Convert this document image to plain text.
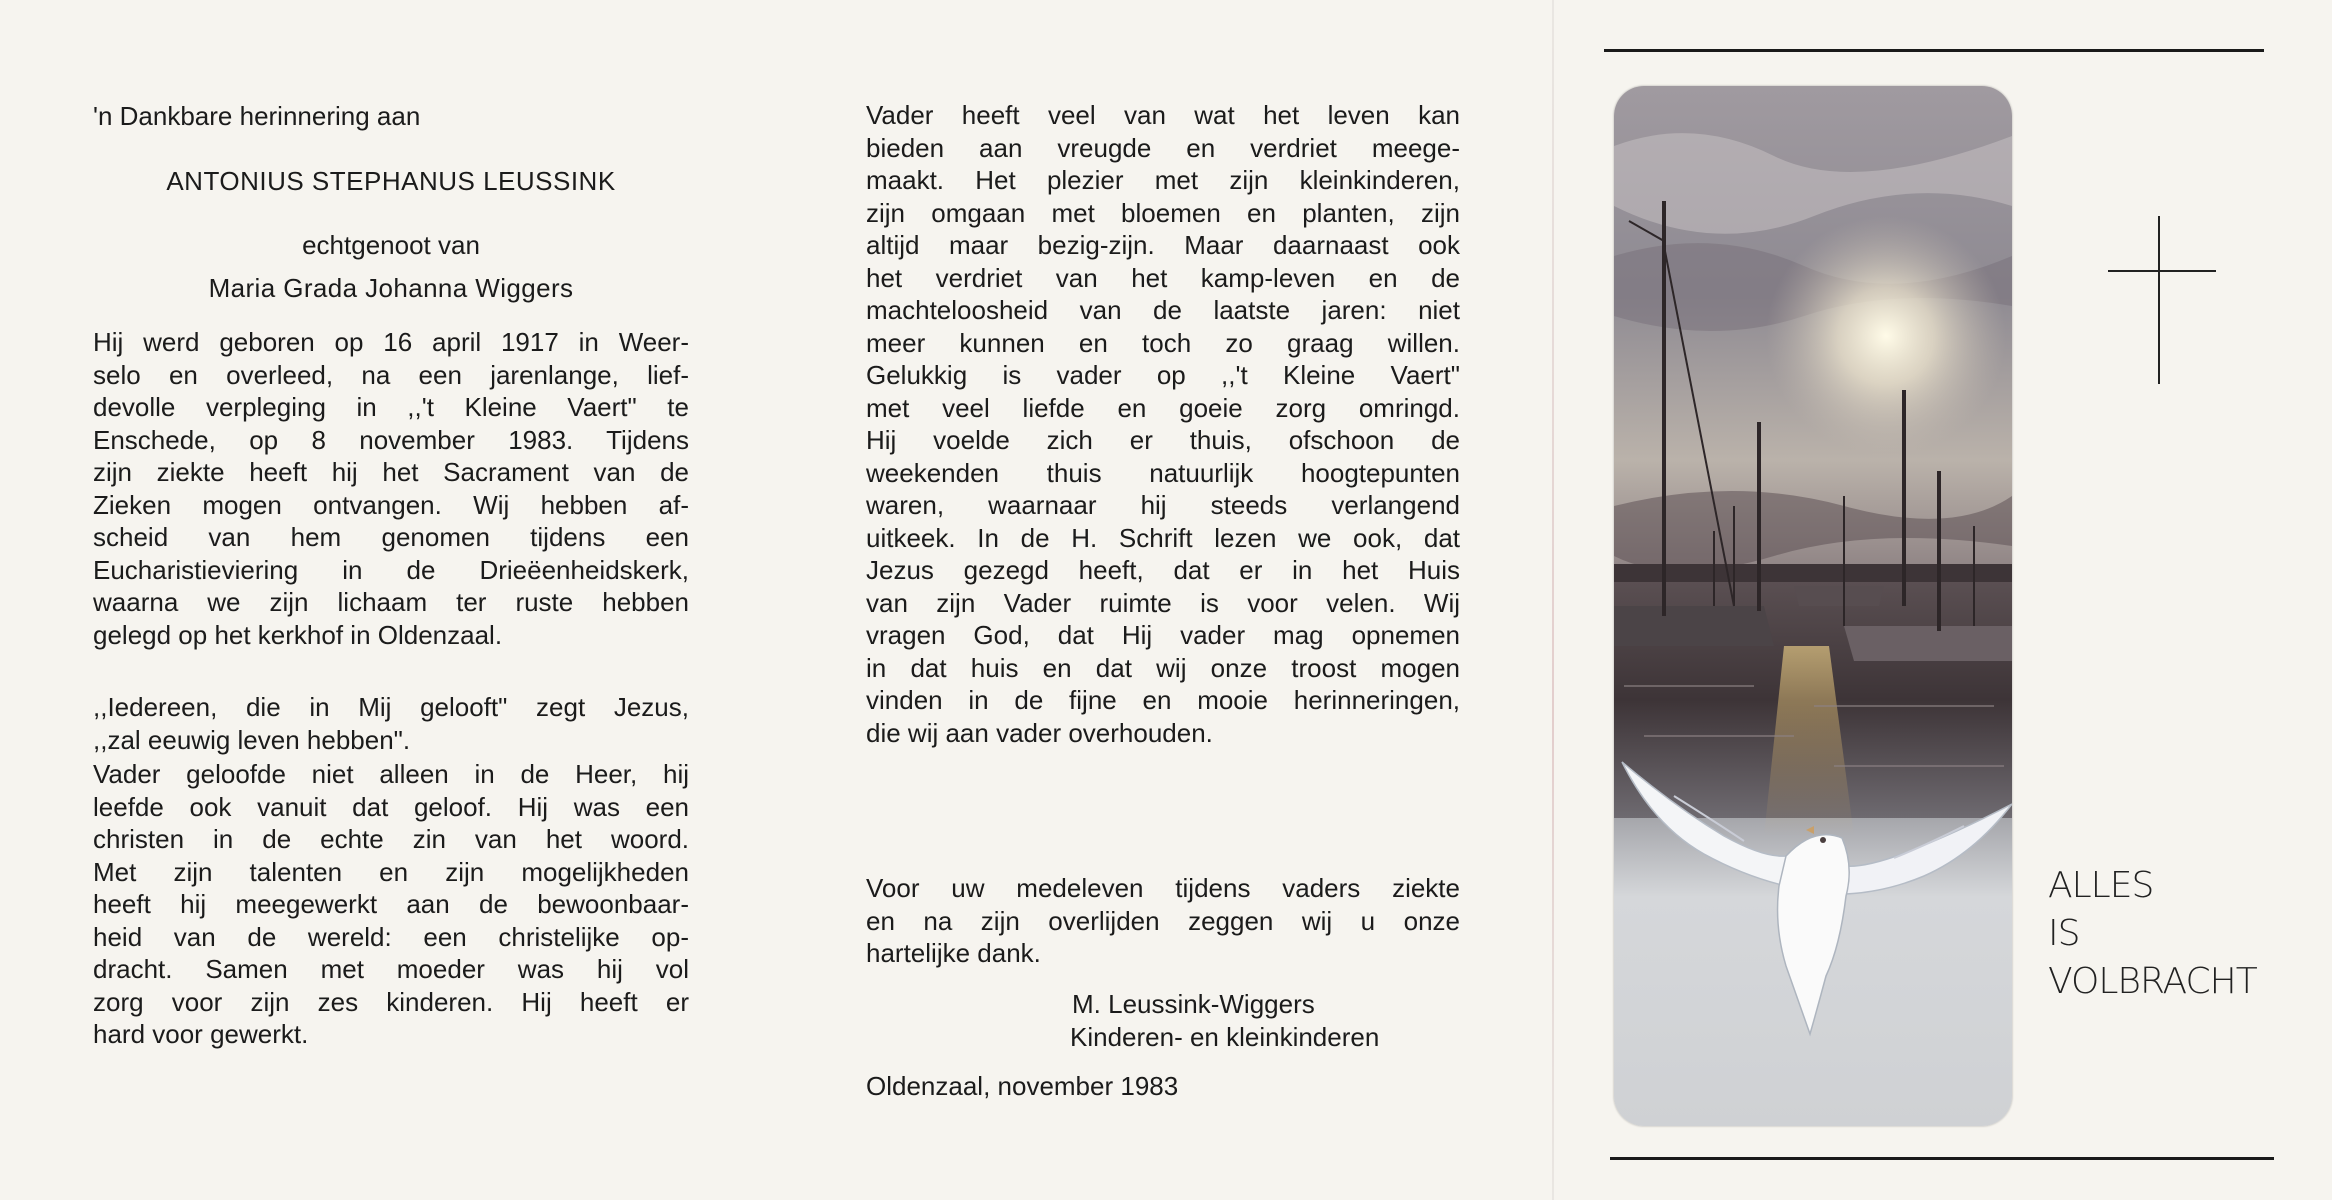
'n Dankbare herinnering aan
ANTONIUS STEPHANUS LEUSSINK
echtgenoot van
Maria Grada Johanna Wiggers
Hij werd geboren op 16 april 1917 in Weer-
selo en overleed, na een jarenlange, lief-
devolle verpleging in ,,'t Kleine Vaert" te
Enschede, op 8 november 1983. Tijdens
zijn ziekte heeft hij het Sacrament van de
Zieken mogen ontvangen. Wij hebben af-
scheid van hem genomen tijdens een
Eucharistieviering in de Drieëenheidskerk,
waarna we zijn lichaam ter ruste hebben
gelegd op het kerkhof in Oldenzaal.
,,Iedereen, die in Mij gelooft" zegt Jezus,
,,zal eeuwig leven hebben".
Vader geloofde niet alleen in de Heer, hij
leefde ook vanuit dat geloof. Hij was een
christen in de echte zin van het woord.
Met zijn talenten en zijn mogelijkheden
heeft hij meegewerkt aan de bewoonbaar-
heid van de wereld: een christelijke op-
dracht. Samen met moeder was hij vol
zorg voor zijn zes kinderen. Hij heeft er
hard voor gewerkt.
Vader heeft veel van wat het leven kan
bieden aan vreugde en verdriet meege-
maakt. Het plezier met zijn kleinkinderen,
zijn omgaan met bloemen en planten, zijn
altijd maar bezig-zijn. Maar daarnaast ook
het verdriet van het kamp-leven en de
machteloosheid van de laatste jaren: niet
meer kunnen en toch zo graag willen.
Gelukkig is vader op ,,'t Kleine Vaert"
met veel liefde en goeie zorg omringd.
Hij voelde zich er thuis, ofschoon de
weekenden thuis natuurlijk hoogtepunten
waren, waarnaar hij steeds verlangend
uitkeek. In de H. Schrift lezen we ook, dat
Jezus gezegd heeft, dat er in het Huis
van zijn Vader ruimte is voor velen. Wij
vragen God, dat Hij vader mag opnemen
in dat huis en dat wij onze troost mogen
vinden in de fijne en mooie herinneringen,
die wij aan vader overhouden.
Voor uw medeleven tijdens vaders ziekte
en na zijn overlijden zeggen wij u onze
hartelijke dank.
M. Leussink-Wiggers
Kinderen- en kleinkinderen
Oldenzaal, november 1983
ALLES
IS
VOLBRACHT
